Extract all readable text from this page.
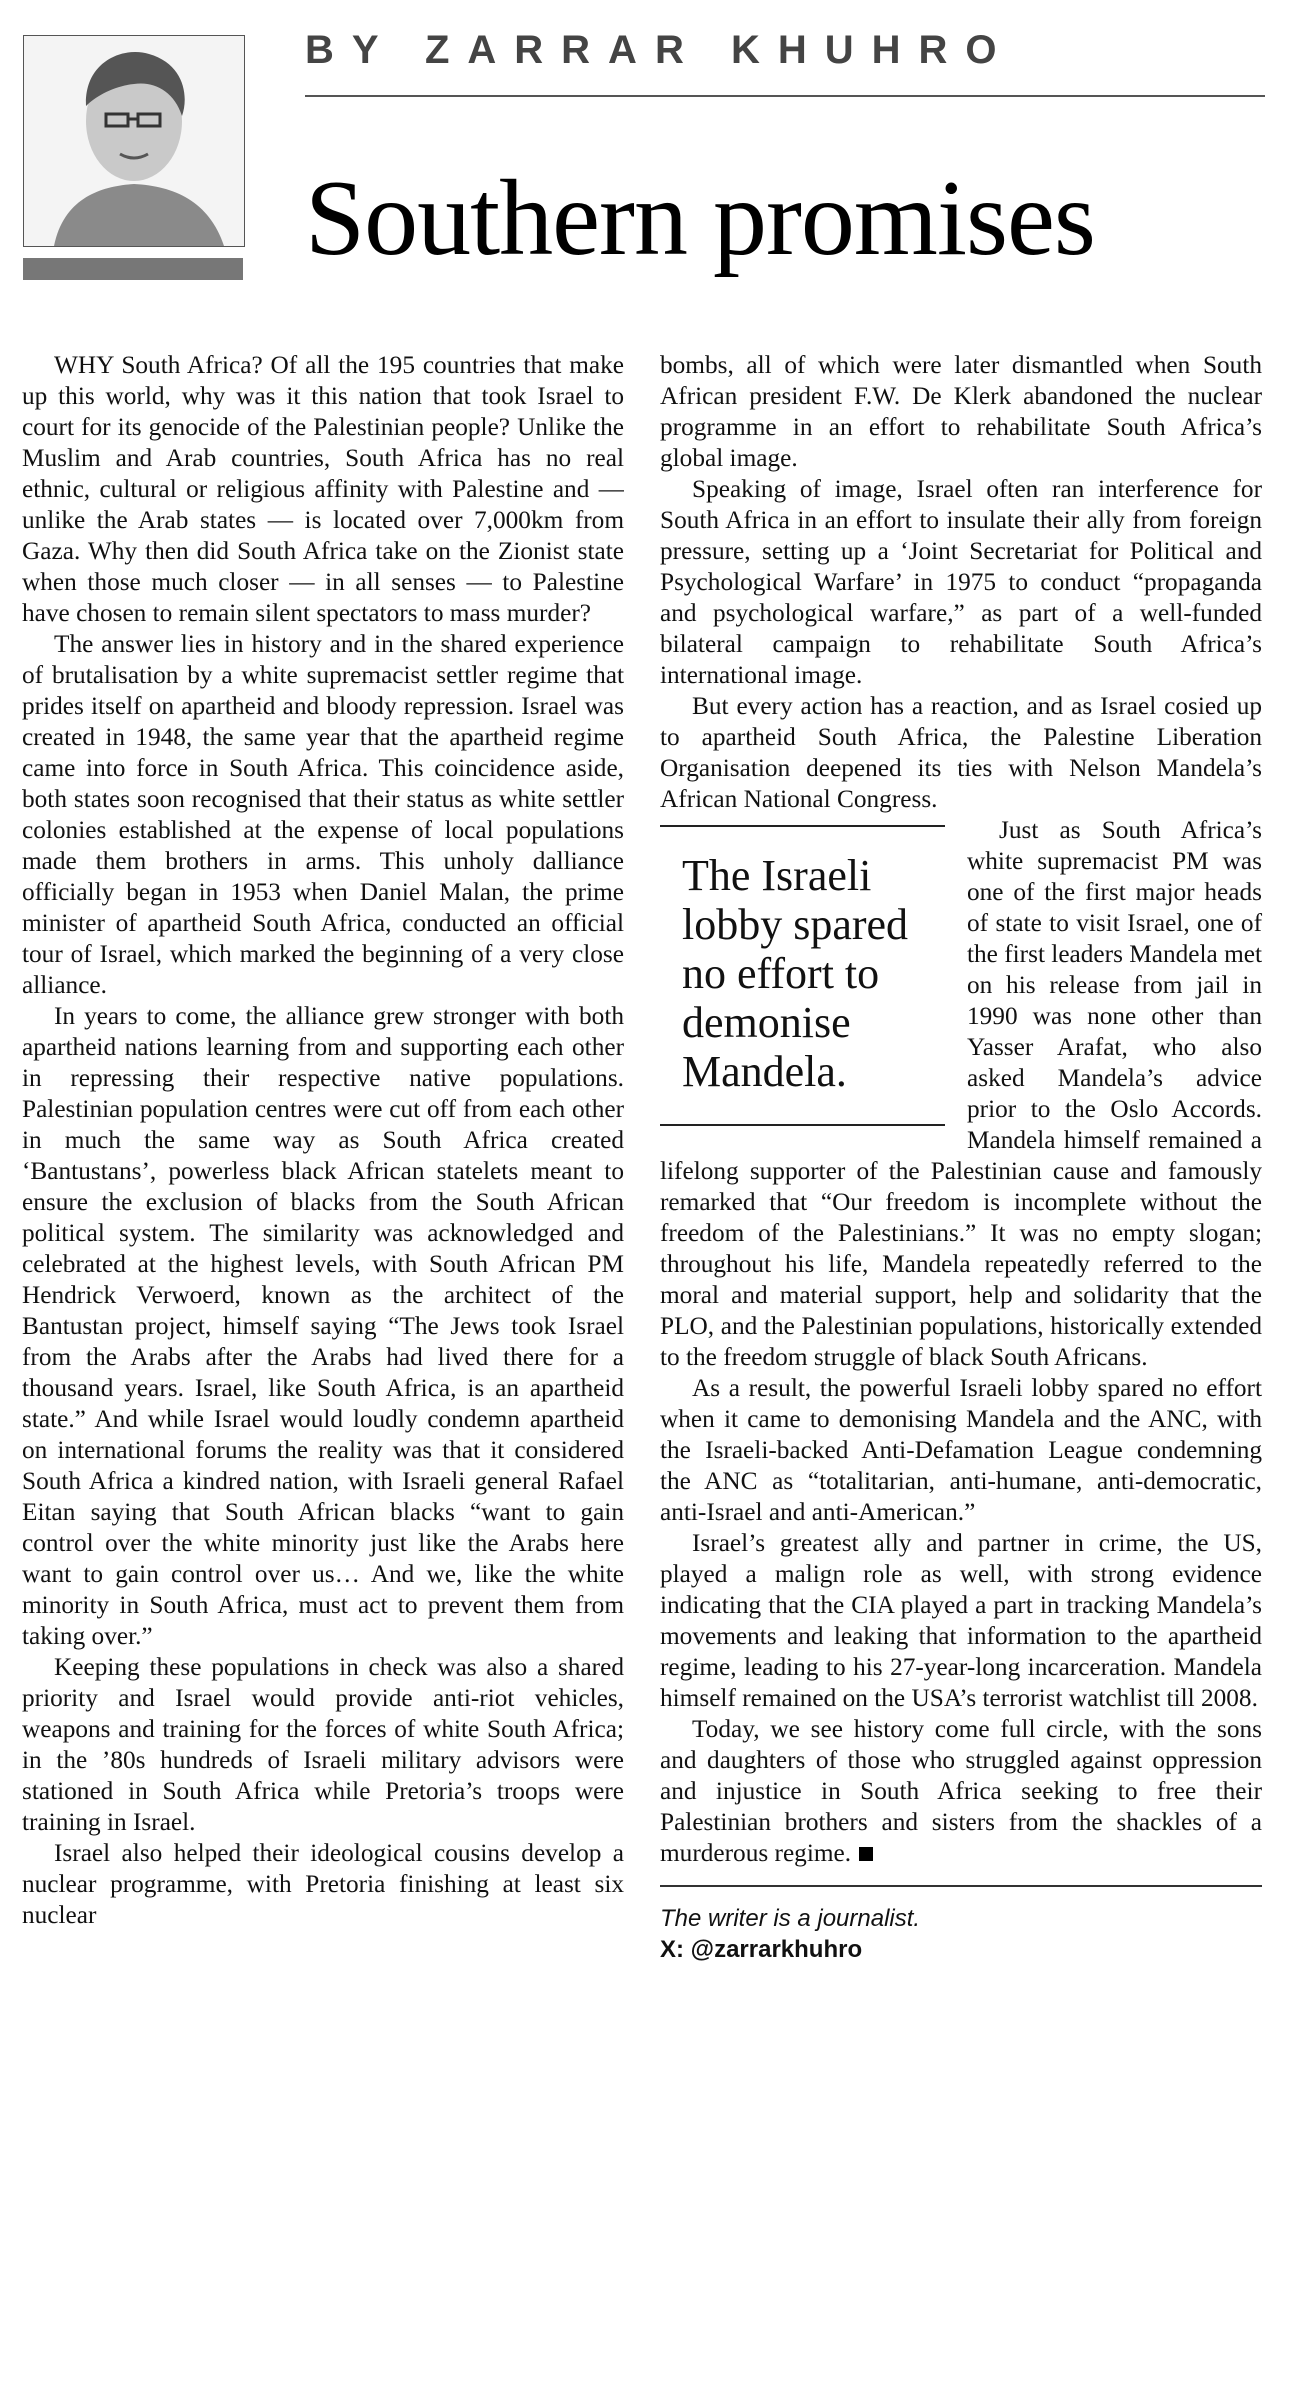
BY ZARRAR KHUHRO
Southern promises

WHY South Africa? Of all the 195 countries that make up this world, why was it this nation that took Israel to court for its genocide of the Palestinian people? Unlike the Muslim and Arab countries, South Africa has no real ethnic, cultural or religious affinity with Palestine and — unlike the Arab states — is located over 7,000km from Gaza. Why then did South Africa take on the Zionist state when those much closer — in all senses — to Palestine have chosen to remain silent spectators to mass murder?

The answer lies in history and in the shared experience of brutalisation by a white supremacist settler regime that prides itself on apartheid and bloody repression. Israel was created in 1948, the same year that the apartheid regime came into force in South Africa. This coincidence aside, both states soon recognised that their status as white settler colonies established at the expense of local populations made them brothers in arms. This unholy dalliance officially began in 1953 when Daniel Malan, the prime minister of apartheid South Africa, conducted an official tour of Israel, which marked the beginning of a very close alliance.

In years to come, the alliance grew stronger with both apartheid nations learning from and supporting each other in repressing their respective native populations. Palestinian population centres were cut off from each other in much the same way as South Africa created ‘Bantustans’, powerless black African statelets meant to ensure the exclusion of blacks from the South African political system. The similarity was acknowledged and celebrated at the highest levels, with South African PM Hendrick Verwoerd, known as the architect of the Bantustan project, himself saying “The Jews took Israel from the Arabs after the Arabs had lived there for a thousand years. Israel, like South Africa, is an apartheid state.” And while Israel would loudly condemn apartheid on international forums the reality was that it considered South Africa a kindred nation, with Israeli general Rafael Eitan saying that South African blacks “want to gain control over the white minority just like the Arabs here want to gain control over us… And we, like the white minority in South Africa, must act to prevent them from taking over.”

Keeping these populations in check was also a shared priority and Israel would provide anti-riot vehicles, weapons and training for the forces of white South Africa; in the ’80s hundreds of Israeli military advisors were stationed in South Africa while Pretoria’s troops were training in Israel.

Israel also helped their ideological cousins develop a nuclear programme, with Pretoria finishing at least six nuclear

bombs, all of which were later dismantled when South African president F.W. De Klerk abandoned the nuclear programme in an effort to rehabilitate South Africa’s global image.

Speaking of image, Israel often ran interference for South Africa in an effort to insulate their ally from foreign pressure, setting up a ‘Joint Secretariat for Political and Psychological Warfare’ in 1975 to conduct “propaganda and psychological warfare,” as part of a well-funded bilateral campaign to rehabilitate South Africa’s international image.

But every action has a reaction, and as Israel cosied up to apartheid South Africa, the Palestine Liberation Organisation deepened its ties with Nelson Mandela’s African National Congress.

The Israeli lobby spared no effort to demonise Mandela.
Just as South Africa’s white supremacist PM was one of the first major heads of state to visit Israel, one of the first leaders Mandela met on his release from jail in 1990 was none other than Yasser Arafat, who also asked Mandela’s advice prior to the Oslo Accords. Mandela himself remained a lifelong supporter of the Palestinian cause and famously remarked that “Our freedom is incomplete without the freedom of the Palestinians.” It was no empty slogan; throughout his life, Mandela repeatedly referred to the moral and material support, help and solidarity that the PLO, and the Palestinian populations, historically extended to the freedom struggle of black South Africans.

As a result, the powerful Israeli lobby spared no effort when it came to demonising Mandela and the ANC, with the Israeli-backed Anti-Defamation League condemning the ANC as “totalitarian, anti-humane, anti-democratic, anti-Israel and anti-American.”

Israel’s greatest ally and partner in crime, the US, played a malign role as well, with strong evidence indicating that the CIA played a part in tracking Mandela’s movements and leaking that information to the apartheid regime, leading to his 27-year-long incarceration. Mandela himself remained on the USA’s terrorist watchlist till 2008.

Today, we see history come full circle, with the sons and daughters of those who struggled against oppression and injustice in South Africa seeking to free their Palestinian brothers and sisters from the shackles of a murderous regime.

The writer is a journalist.
X: @zarrarkhuhro
